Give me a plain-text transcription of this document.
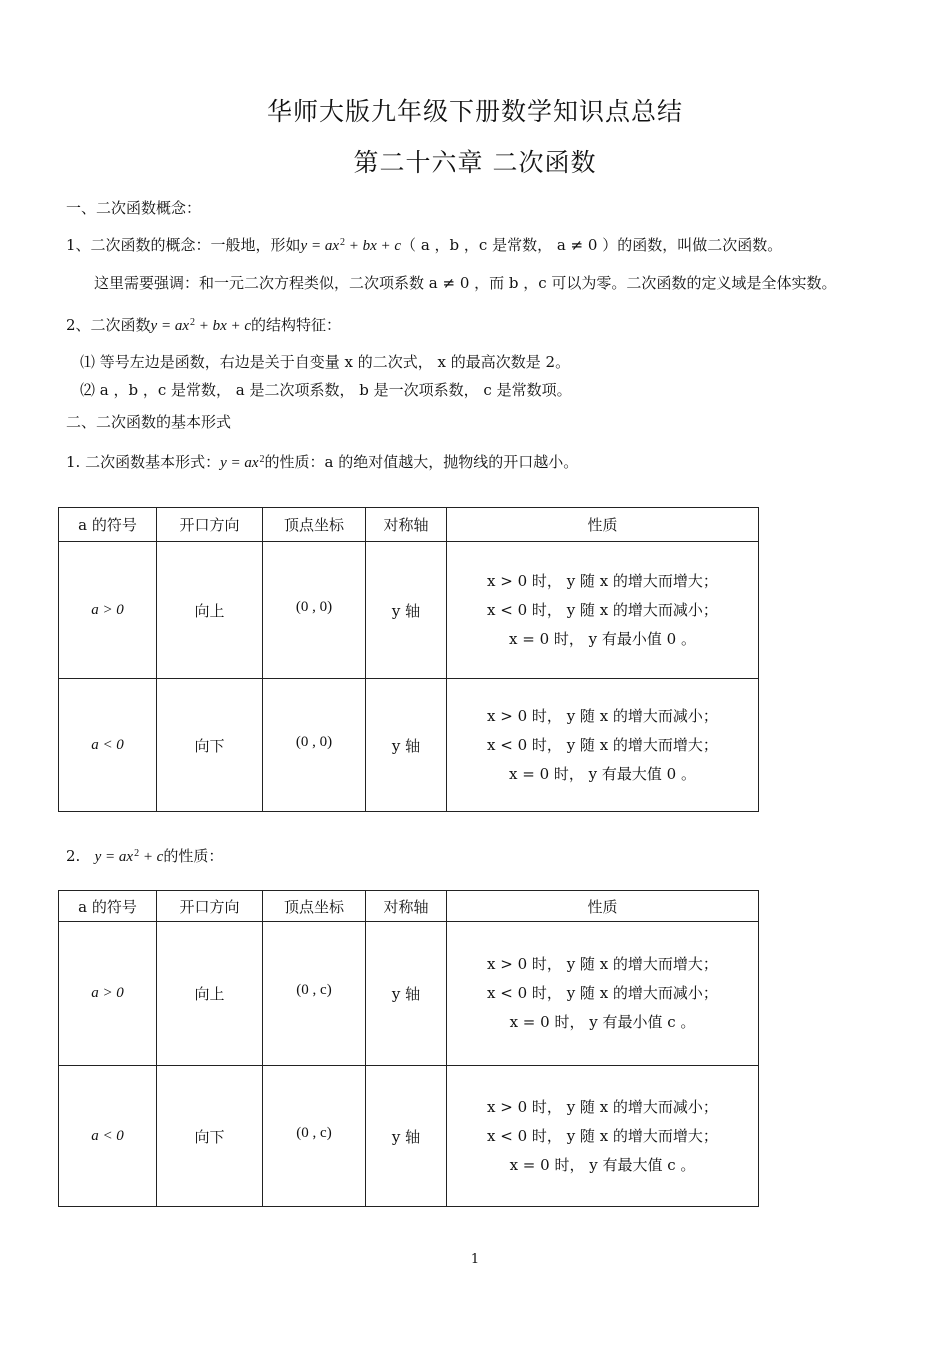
华师大版九年级下册数学知识点总结
第二十六章 二次函数
一、二次函数概念：
1、二次函数的概念：一般地，形如$y = ax^2$ + bx + c（ a ，b ，c 是常数， a ≠ 0 ）的函数，叫做二次函数。
这里需要强调：和一元二次方程类似，二次项系数 a ≠ 0 ，而 b ，c 可以为零。二次函数的定义域是全体实数。
2、二次函数$y = ax^2$ + bx + c的结构特征：
⑴ 等号左边是函数，右边是关于自变量 x 的二次式， x 的最高次数是 2。
⑵ a ，b ，c 是常数， a 是二次项系数， b 是一次项系数， c 是常数项。
二、二次函数的基本形式
1. 二次函数基本形式：$y = ax^2$的性质：a 的绝对值越大，抛物线的开口越小。
a 的符号	开口方向	顶点坐标	对称轴	性质
a > 0	向上	(0 , 0)	y 轴	x > 0 时， y 随 x 的增大而增大；
x < 0 时， y 随 x 的增大而减小；
x = 0 时， y 有最小值 0 。

a < 0	向下	(0 , 0)	y 轴	x > 0 时， y 随 x 的增大而减小；
x < 0 时， y 随 x 的增大而增大；
x = 0 时， y 有最大值 0 。
2. $y = ax^2 + c$的性质：
a 的符号	开口方向	顶点坐标	对称轴	性质
a > 0	向上	(0 , c)	y 轴	x > 0 时， y 随 x 的增大而增大；
x < 0 时， y 随 x 的增大而减小；
x = 0 时， y 有最小值 c 。

a < 0	向下	(0 , c)	y 轴	x > 0 时， y 随 x 的增大而减小；
x < 0 时， y 随 x 的增大而增大；
x = 0 时， y 有最大值 c 。
1
